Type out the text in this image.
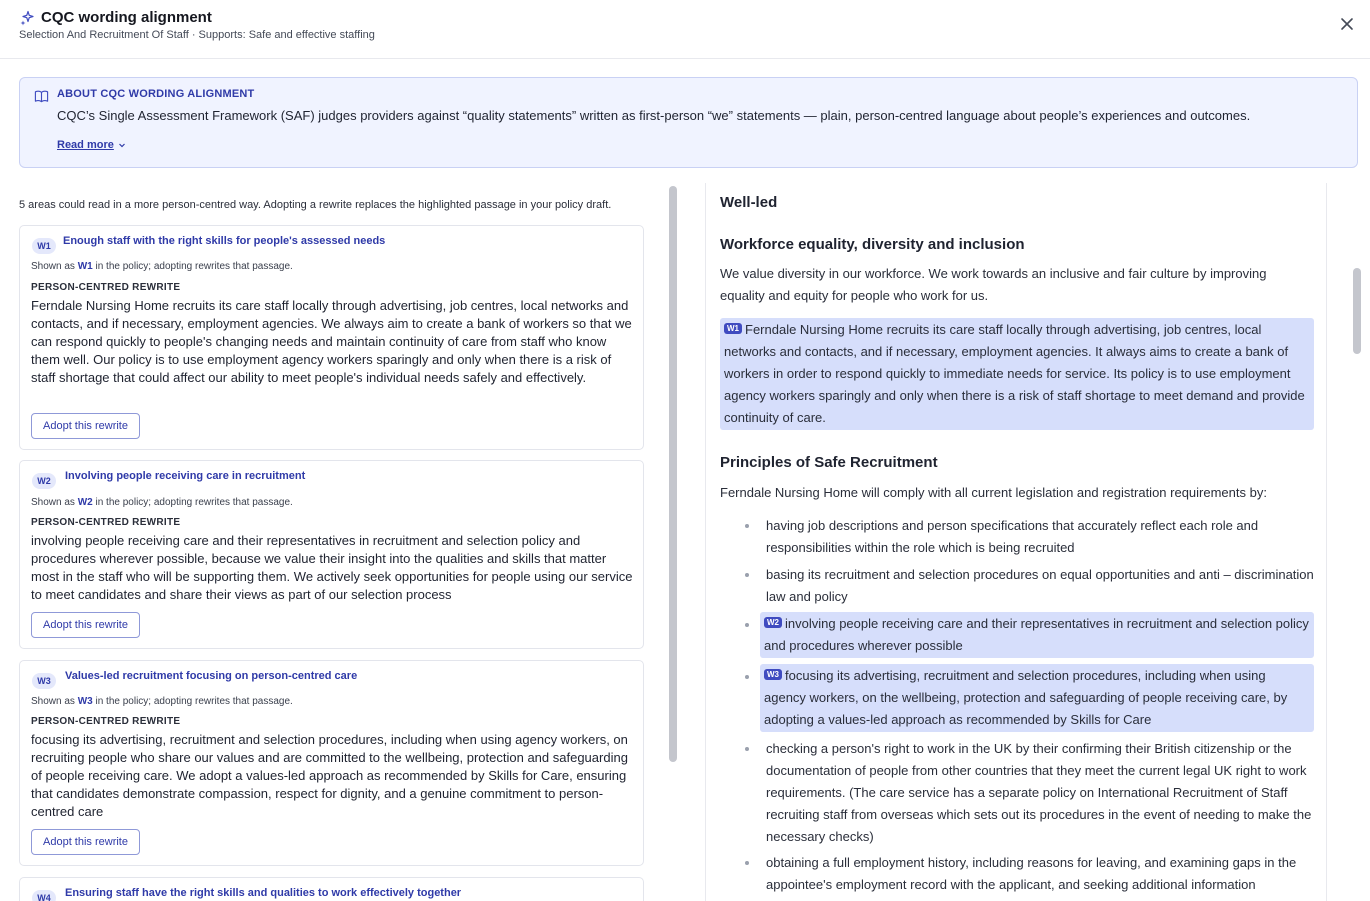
CQC wording alignment
Selection And Recruitment Of Staff · Supports: Safe and effective staffing
ABOUT CQC WORDING ALIGNMENT
CQC’s Single Assessment Framework (SAF) judges providers against “quality statements” written as first-person “we” statements — plain, person-centred language about people’s experiences and outcomes.
Read more
5 areas could read in a more person-centred way. Adopting a rewrite replaces the highlighted passage in your policy draft.
W1	Enough staff with the right skills for people's assessed needs
Shown as W1 in the policy; adopting rewrites that passage.
PERSON-CENTRED REWRITE
Ferndale Nursing Home recruits its care staff locally through advertising, job centres, local networks and contacts, and if necessary, employment agencies. We always aim to create a bank of workers so that we can respond quickly to people's changing needs and maintain continuity of care from staff who know them well. Our policy is to use employment agency workers sparingly and only when there is a risk of staff shortage that could affect our ability to meet people's individual needs safely and effectively.
Adopt this rewrite
W2	Involving people receiving care in recruitment
Shown as W2 in the policy; adopting rewrites that passage.
PERSON-CENTRED REWRITE
involving people receiving care and their representatives in recruitment and selection policy and procedures wherever possible, because we value their insight into the qualities and skills that matter most in the staff who will be supporting them. We actively seek opportunities for people using our service to meet candidates and share their views as part of our selection process
Adopt this rewrite
W3	Values-led recruitment focusing on person-centred care
Shown as W3 in the policy; adopting rewrites that passage.
PERSON-CENTRED REWRITE
focusing its advertising, recruitment and selection procedures, including when using agency workers, on recruiting people who share our values and are committed to the wellbeing, protection and safeguarding of people receiving care. We adopt a values-led approach as recommended by Skills for Care, ensuring that candidates demonstrate compassion, respect for dignity, and a genuine commitment to person-centred care
Adopt this rewrite
W4	Ensuring staff have the right skills and qualities to work effectively together
Well-led
Workforce equality, diversity and inclusion

We value diversity in our workforce. We work towards an inclusive and fair culture by improving equality and equity for people who work for us.

W1 Ferndale Nursing Home recruits its care staff locally through advertising, job centres, local networks and contacts, and if necessary, employment agencies. It always aims to create a bank of workers in order to respond quickly to immediate needs for service. Its policy is to use employment agency workers sparingly and only when there is a risk of staff shortage to meet demand and provide continuity of care.
Principles of Safe Recruitment

Ferndale Nursing Home will comply with all current legislation and registration requirements by:

having job descriptions and person specifications that accurately reflect each role and responsibilities within the role which is being recruited
basing its recruitment and selection procedures on equal opportunities and anti – discrimination law and policy
W2 involving people receiving care and their representatives in recruitment and selection policy and procedures wherever possible
W3 focusing its advertising, recruitment and selection procedures, including when using agency workers, on the wellbeing, protection and safeguarding of people receiving care, by adopting a values-led approach as recommended by Skills for Care
checking a person's right to work in the UK by their confirming their British citizenship or the documentation of people from other countries that they meet the current legal UK right to work requirements. (The care service has a separate policy on International Recruitment of Staff recruiting staff from overseas which sets out its procedures in the event of needing to make the necessary checks)
obtaining a full employment history, including reasons for leaving, and examining gaps in the appointee's employment record with the applicant, and seeking additional information
